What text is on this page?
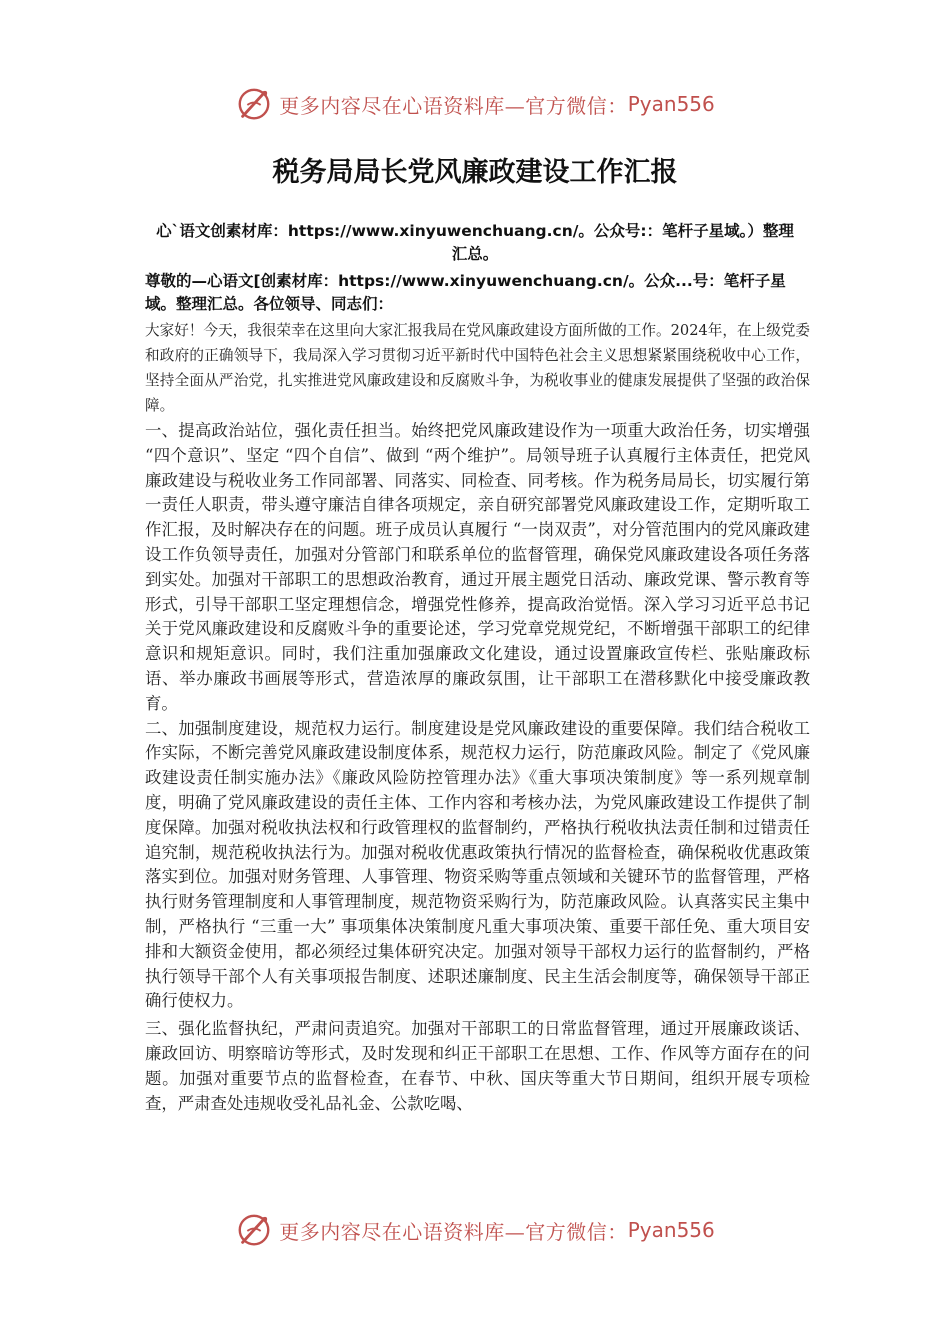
更多内容尽在心语资料库—官方微信： Pyan556
税务局局长党风廉政建设工作汇报

心`语文创素材库：https://www.xinyuwenchuang.cn/。公众号:：笔杆子星域。）整理汇总。

尊敬的—心语文[创素材库：https://www.xinyuwenchuang.cn/。公众...号：笔杆子星域。整理汇总。各位领导、同志们：

大家好！今天，我很荣幸在这里向大家汇报我局在党风廉政建设方面所做的工作。2024年，在上级党委和政府的正确领导下，我局深入学习贯彻习近平新时代中国特色社会主义思想紧紧围绕税收中心工作，坚持全面从严治党，扎实推进党风廉政建设和反腐败斗争，为税收事业的健康发展提供了坚强的政治保障。

一、提高政治站位，强化责任担当。始终把党风廉政建设作为一项重大政治任务，切实增强 “四个意识”、坚定 “四个自信”、做到 “两个维护”。局领导班子认真履行主体责任，把党风廉政建设与税收业务工作同部署、同落实、同检查、同考核。作为税务局局长，切实履行第一责任人职责，带头遵守廉洁自律各项规定，亲自研究部署党风廉政建设工作，定期听取工作汇报，及时解决存在的问题。班子成员认真履行 “一岗双责”，对分管范围内的党风廉政建设工作负领导责任，加强对分管部门和联系单位的监督管理，确保党风廉政建设各项任务落到实处。加强对干部职工的思想政治教育，通过开展主题党日活动、廉政党课、警示教育等形式，引导干部职工坚定理想信念，增强党性修养，提高政治觉悟。深入学习习近平总书记关于党风廉政建设和反腐败斗争的重要论述，学习党章党规党纪，不断增强干部职工的纪律意识和规矩意识。同时，我们注重加强廉政文化建设，通过设置廉政宣传栏、张贴廉政标语、举办廉政书画展等形式，营造浓厚的廉政氛围，让干部职工在潜移默化中接受廉政教育。

二、加强制度建设，规范权力运行。制度建设是党风廉政建设的重要保障。我们结合税收工作实际，不断完善党风廉政建设制度体系，规范权力运行，防范廉政风险。制定了《党风廉政建设责任制实施办法》《廉政风险防控管理办法》《重大事项决策制度》等一系列规章制度，明确了党风廉政建设的责任主体、工作内容和考核办法，为党风廉政建设工作提供了制度保障。加强对税收执法权和行政管理权的监督制约，严格执行税收执法责任制和过错责任追究制，规范税收执法行为。加强对税收优惠政策执行情况的监督检查，确保税收优惠政策落实到位。加强对财务管理、人事管理、物资采购等重点领域和关键环节的监督管理，严格执行财务管理制度和人事管理制度，规范物资采购行为，防范廉政风险。认真落实民主集中制，严格执行 “三重一大” 事项集体决策制度凡重大事项决策、重要干部任免、重大项目安排和大额资金使用，都必须经过集体研究决定。加强对领导干部权力运行的监督制约，严格执行领导干部个人有关事项报告制度、述职述廉制度、民主生活会制度等，确保领导干部正确行使权力。

三、强化监督执纪，严肃问责追究。加强对干部职工的日常监督管理，通过开展廉政谈话、廉政回访、明察暗访等形式，及时发现和纠正干部职工在思想、工作、作风等方面存在的问题。加强对重要节点的监督检查，在春节、中秋、国庆等重大节日期间，组织开展专项检查，严肃查处违规收受礼品礼金、公款吃喝、

更多内容尽在心语资料库—官方微信： Pyan556
